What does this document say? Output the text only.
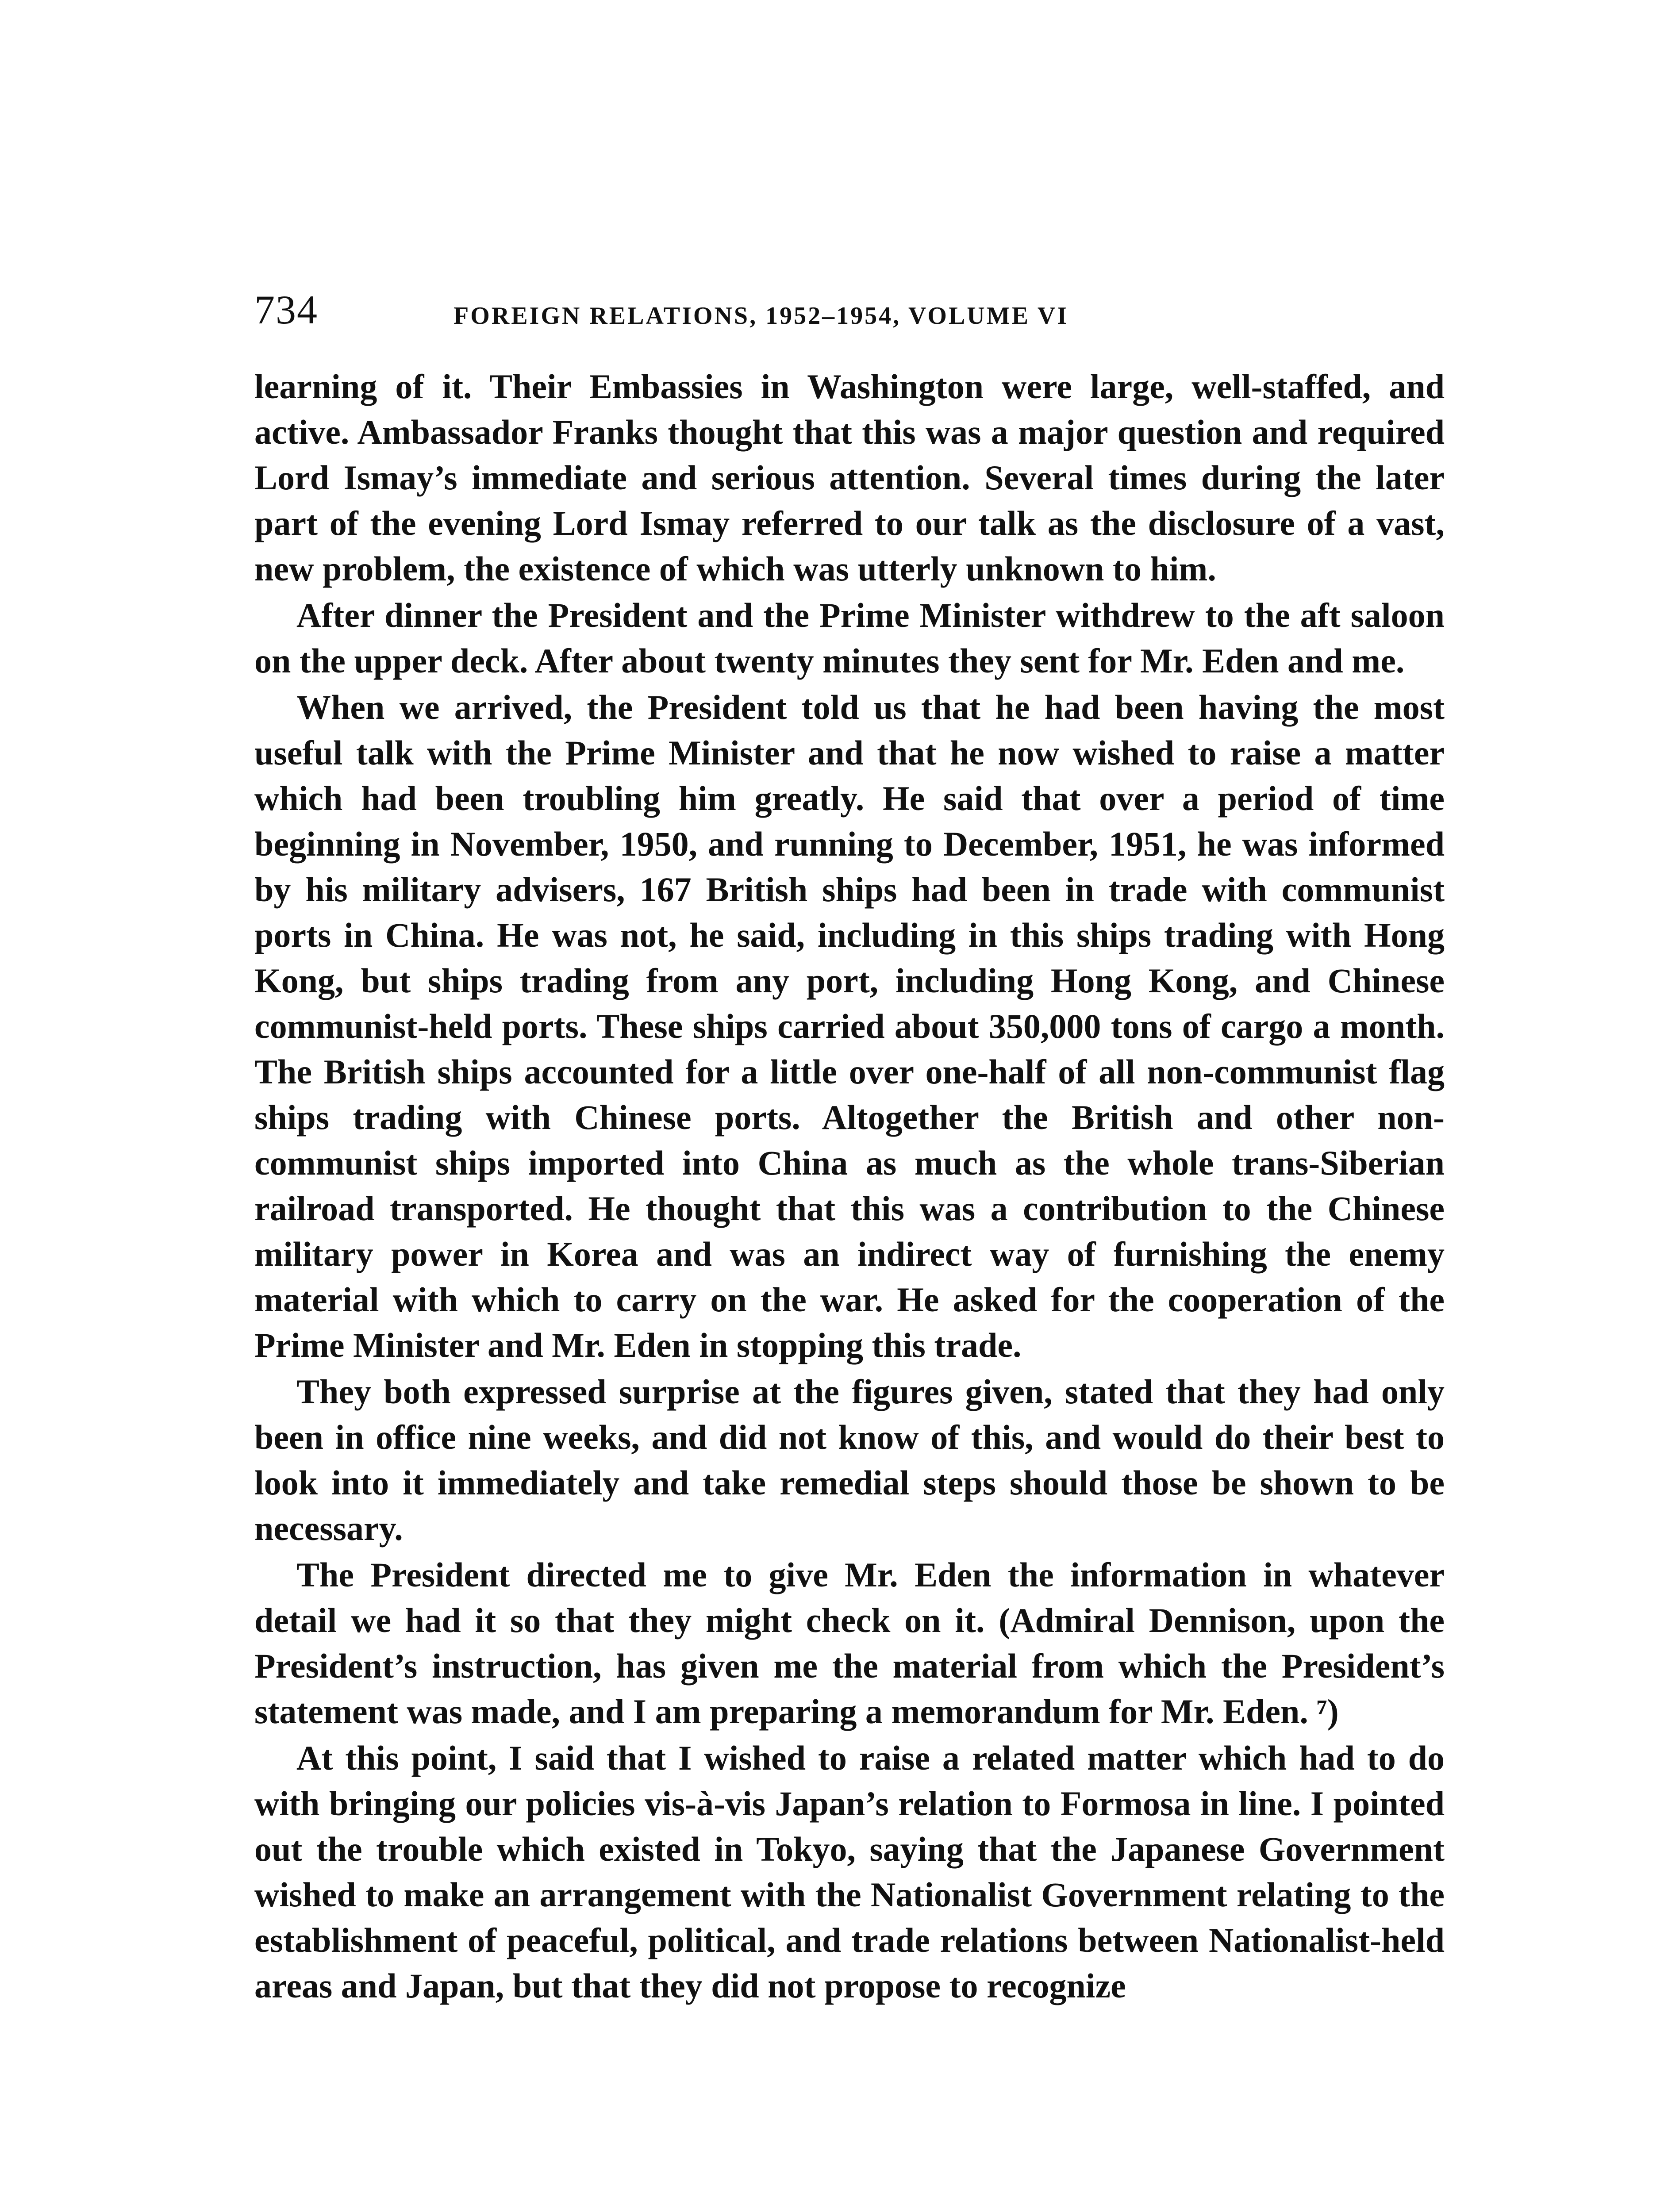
734	FOREIGN RELATIONS, 1952–1954, VOLUME VI

learning of it. Their Embassies in Washington were large, well-staffed, and active. Ambassador Franks thought that this was a major question and required Lord Ismay’s immediate and serious attention. Several times during the later part of the evening Lord Ismay referred to our talk as the disclosure of a vast, new problem, the existence of which was utterly unknown to him.

After dinner the President and the Prime Minister withdrew to the aft saloon on the upper deck. After about twenty minutes they sent for Mr. Eden and me.

When we arrived, the President told us that he had been having the most useful talk with the Prime Minister and that he now wished to raise a matter which had been troubling him greatly. He said that over a period of time beginning in November, 1950, and running to December, 1951, he was informed by his military advisers, 167 British ships had been in trade with communist ports in China. He was not, he said, including in this ships trading with Hong Kong, but ships trading from any port, including Hong Kong, and Chinese communist-held ports. These ships carried about 350,000 tons of cargo a month. The British ships accounted for a little over one-half of all non-communist flag ships trading with Chinese ports. Altogether the British and other non-communist ships imported into China as much as the whole trans-Siberian railroad transported. He thought that this was a contribution to the Chinese military power in Korea and was an indirect way of furnishing the enemy material with which to carry on the war. He asked for the cooperation of the Prime Minister and Mr. Eden in stopping this trade.

They both expressed surprise at the figures given, stated that they had only been in office nine weeks, and did not know of this, and would do their best to look into it immediately and take remedial steps should those be shown to be necessary.

The President directed me to give Mr. Eden the information in whatever detail we had it so that they might check on it. (Admiral Dennison, upon the President’s instruction, has given me the material from which the President’s statement was made, and I am preparing a memorandum for Mr. Eden. ⁷)

At this point, I said that I wished to raise a related matter which had to do with bringing our policies vis-à-vis Japan’s relation to Formosa in line. I pointed out the trouble which existed in Tokyo, saying that the Japanese Government wished to make an arrangement with the Nationalist Government relating to the establishment of peaceful, political, and trade relations between Nationalist-held areas and Japan, but that they did not propose to recognize
